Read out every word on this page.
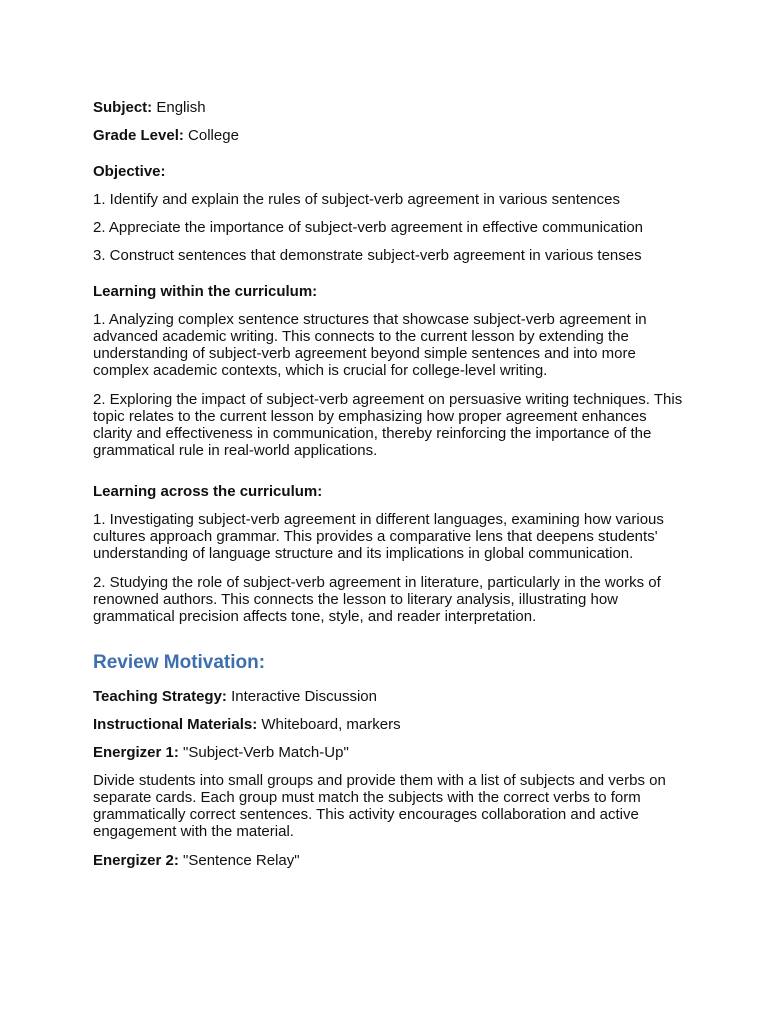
Subject: English

Grade Level: College

Objective:

1. Identify and explain the rules of subject-verb agreement in various sentences

2. Appreciate the importance of subject-verb agreement in effective communication

3. Construct sentences that demonstrate subject-verb agreement in various tenses

Learning within the curriculum:

1. Analyzing complex sentence structures that showcase subject-verb agreement in advanced academic writing. This connects to the current lesson by extending the understanding of subject-verb agreement beyond simple sentences and into more complex academic contexts, which is crucial for college-level writing.

2. Exploring the impact of subject-verb agreement on persuasive writing techniques. This topic relates to the current lesson by emphasizing how proper agreement enhances clarity and effectiveness in communication, thereby reinforcing the importance of the grammatical rule in real-world applications.

Learning across the curriculum:

1. Investigating subject-verb agreement in different languages, examining how various cultures approach grammar. This provides a comparative lens that deepens students' understanding of language structure and its implications in global communication.

2. Studying the role of subject-verb agreement in literature, particularly in the works of renowned authors. This connects the lesson to literary analysis, illustrating how grammatical precision affects tone, style, and reader interpretation.

Review Motivation:

Teaching Strategy: Interactive Discussion

Instructional Materials: Whiteboard, markers

Energizer 1: "Subject-Verb Match-Up"

Divide students into small groups and provide them with a list of subjects and verbs on separate cards. Each group must match the subjects with the correct verbs to form grammatically correct sentences. This activity encourages collaboration and active engagement with the material.

Energizer 2: "Sentence Relay"
